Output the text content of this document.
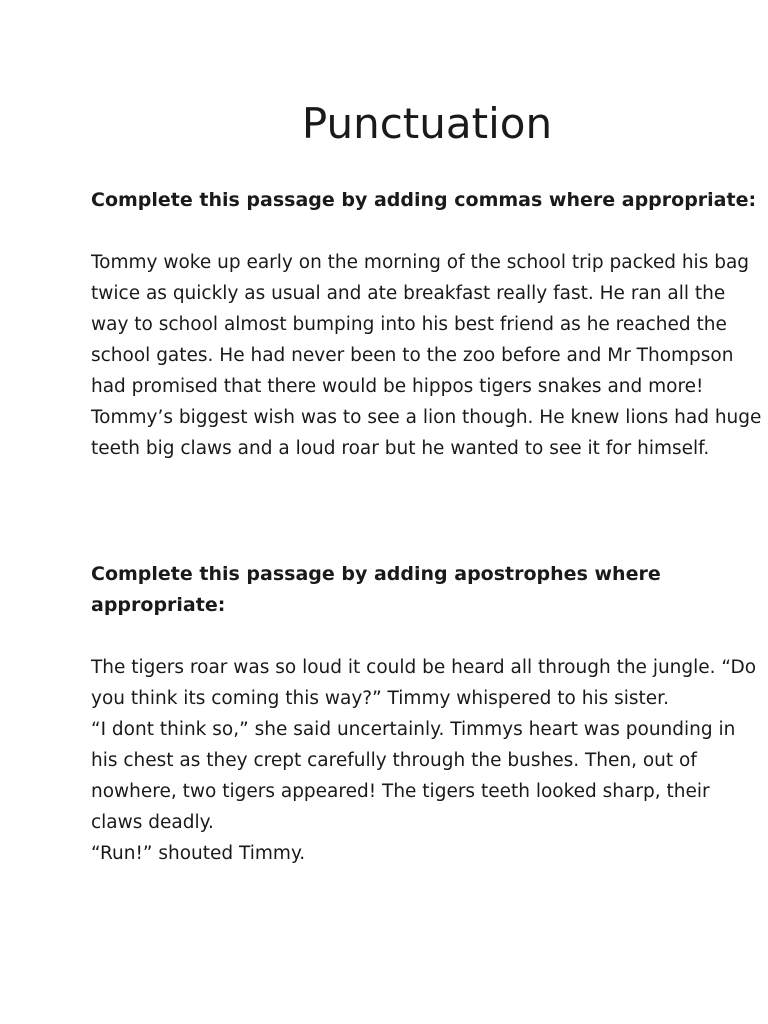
Punctuation
Complete this passage by adding commas where appropriate:

Tommy woke up early on the morning of the school trip packed his bag twice as quickly as usual and ate breakfast really fast. He ran all the way to school almost bumping into his best friend as he reached the school gates. He had never been to the zoo before and Mr Thompson had promised that there would be hippos tigers snakes and more! Tommy’s biggest wish was to see a lion though. He knew lions had huge teeth big claws and a loud roar but he wanted to see it for himself.

Complete this passage by adding apostrophes where appropriate:

The tigers roar was so loud it could be heard all through the jungle. “Do you think its coming this way?” Timmy whispered to his sister.

“I dont think so,” she said uncertainly. Timmys heart was pounding in his chest as they crept carefully through the bushes. Then, out of nowhere, two tigers appeared! The tigers teeth looked sharp, their claws deadly.

“Run!” shouted Timmy.
